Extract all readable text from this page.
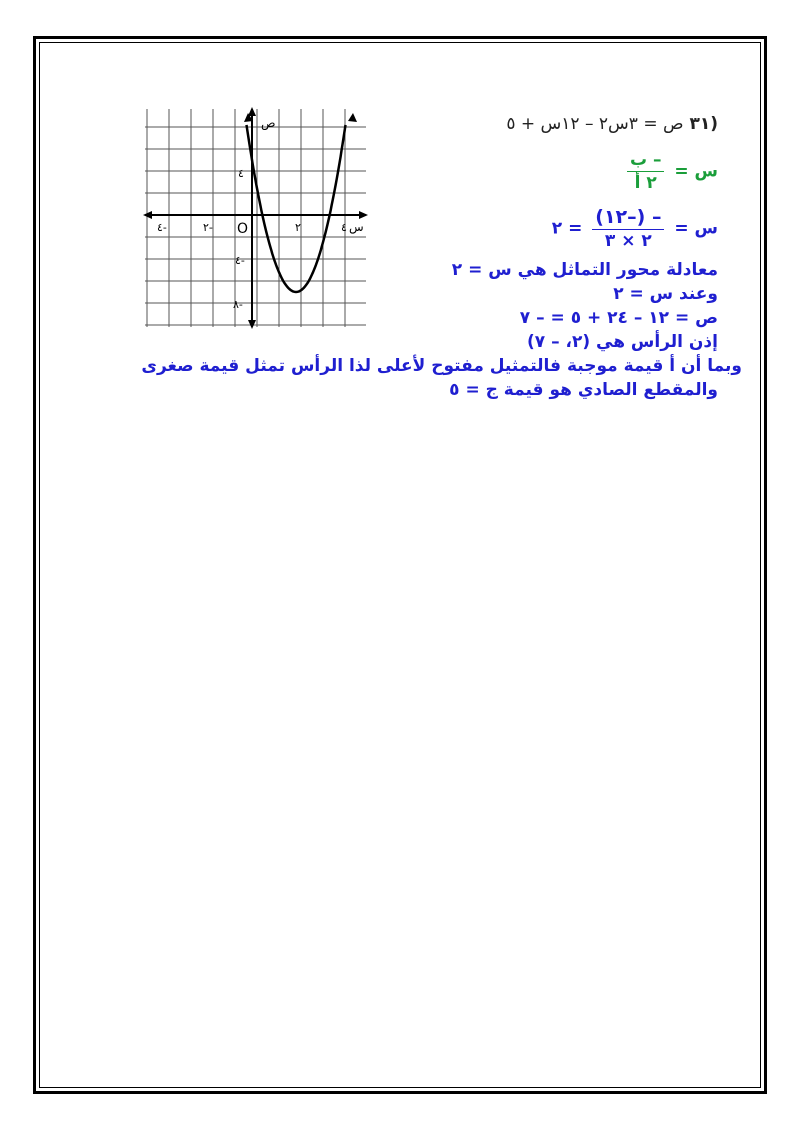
ص
س
O
٤-	٢-	٢	٤
٤
٤-
٨-
(٣١ ص = ٣س٢ – ١٢س + ٥
س =
$\frac{\text{– ب}}{\text{٢ أ}}$
س =
$\frac{- (-١٢)}{٢ \times ٣}$
= ٢
معادلة محور التماثل هي س = ٢
وعند س = ٢
ص = ١٢ – ٢٤ + ٥ = – ٧
إذن الرأس هي (٢، – ٧)
وبما أن أ قيمة موجبة فالتمثيل مفتوح لأعلى لذا الرأس تمثل قيمة صغرى
والمقطع الصادي هو قيمة ج = ٥
